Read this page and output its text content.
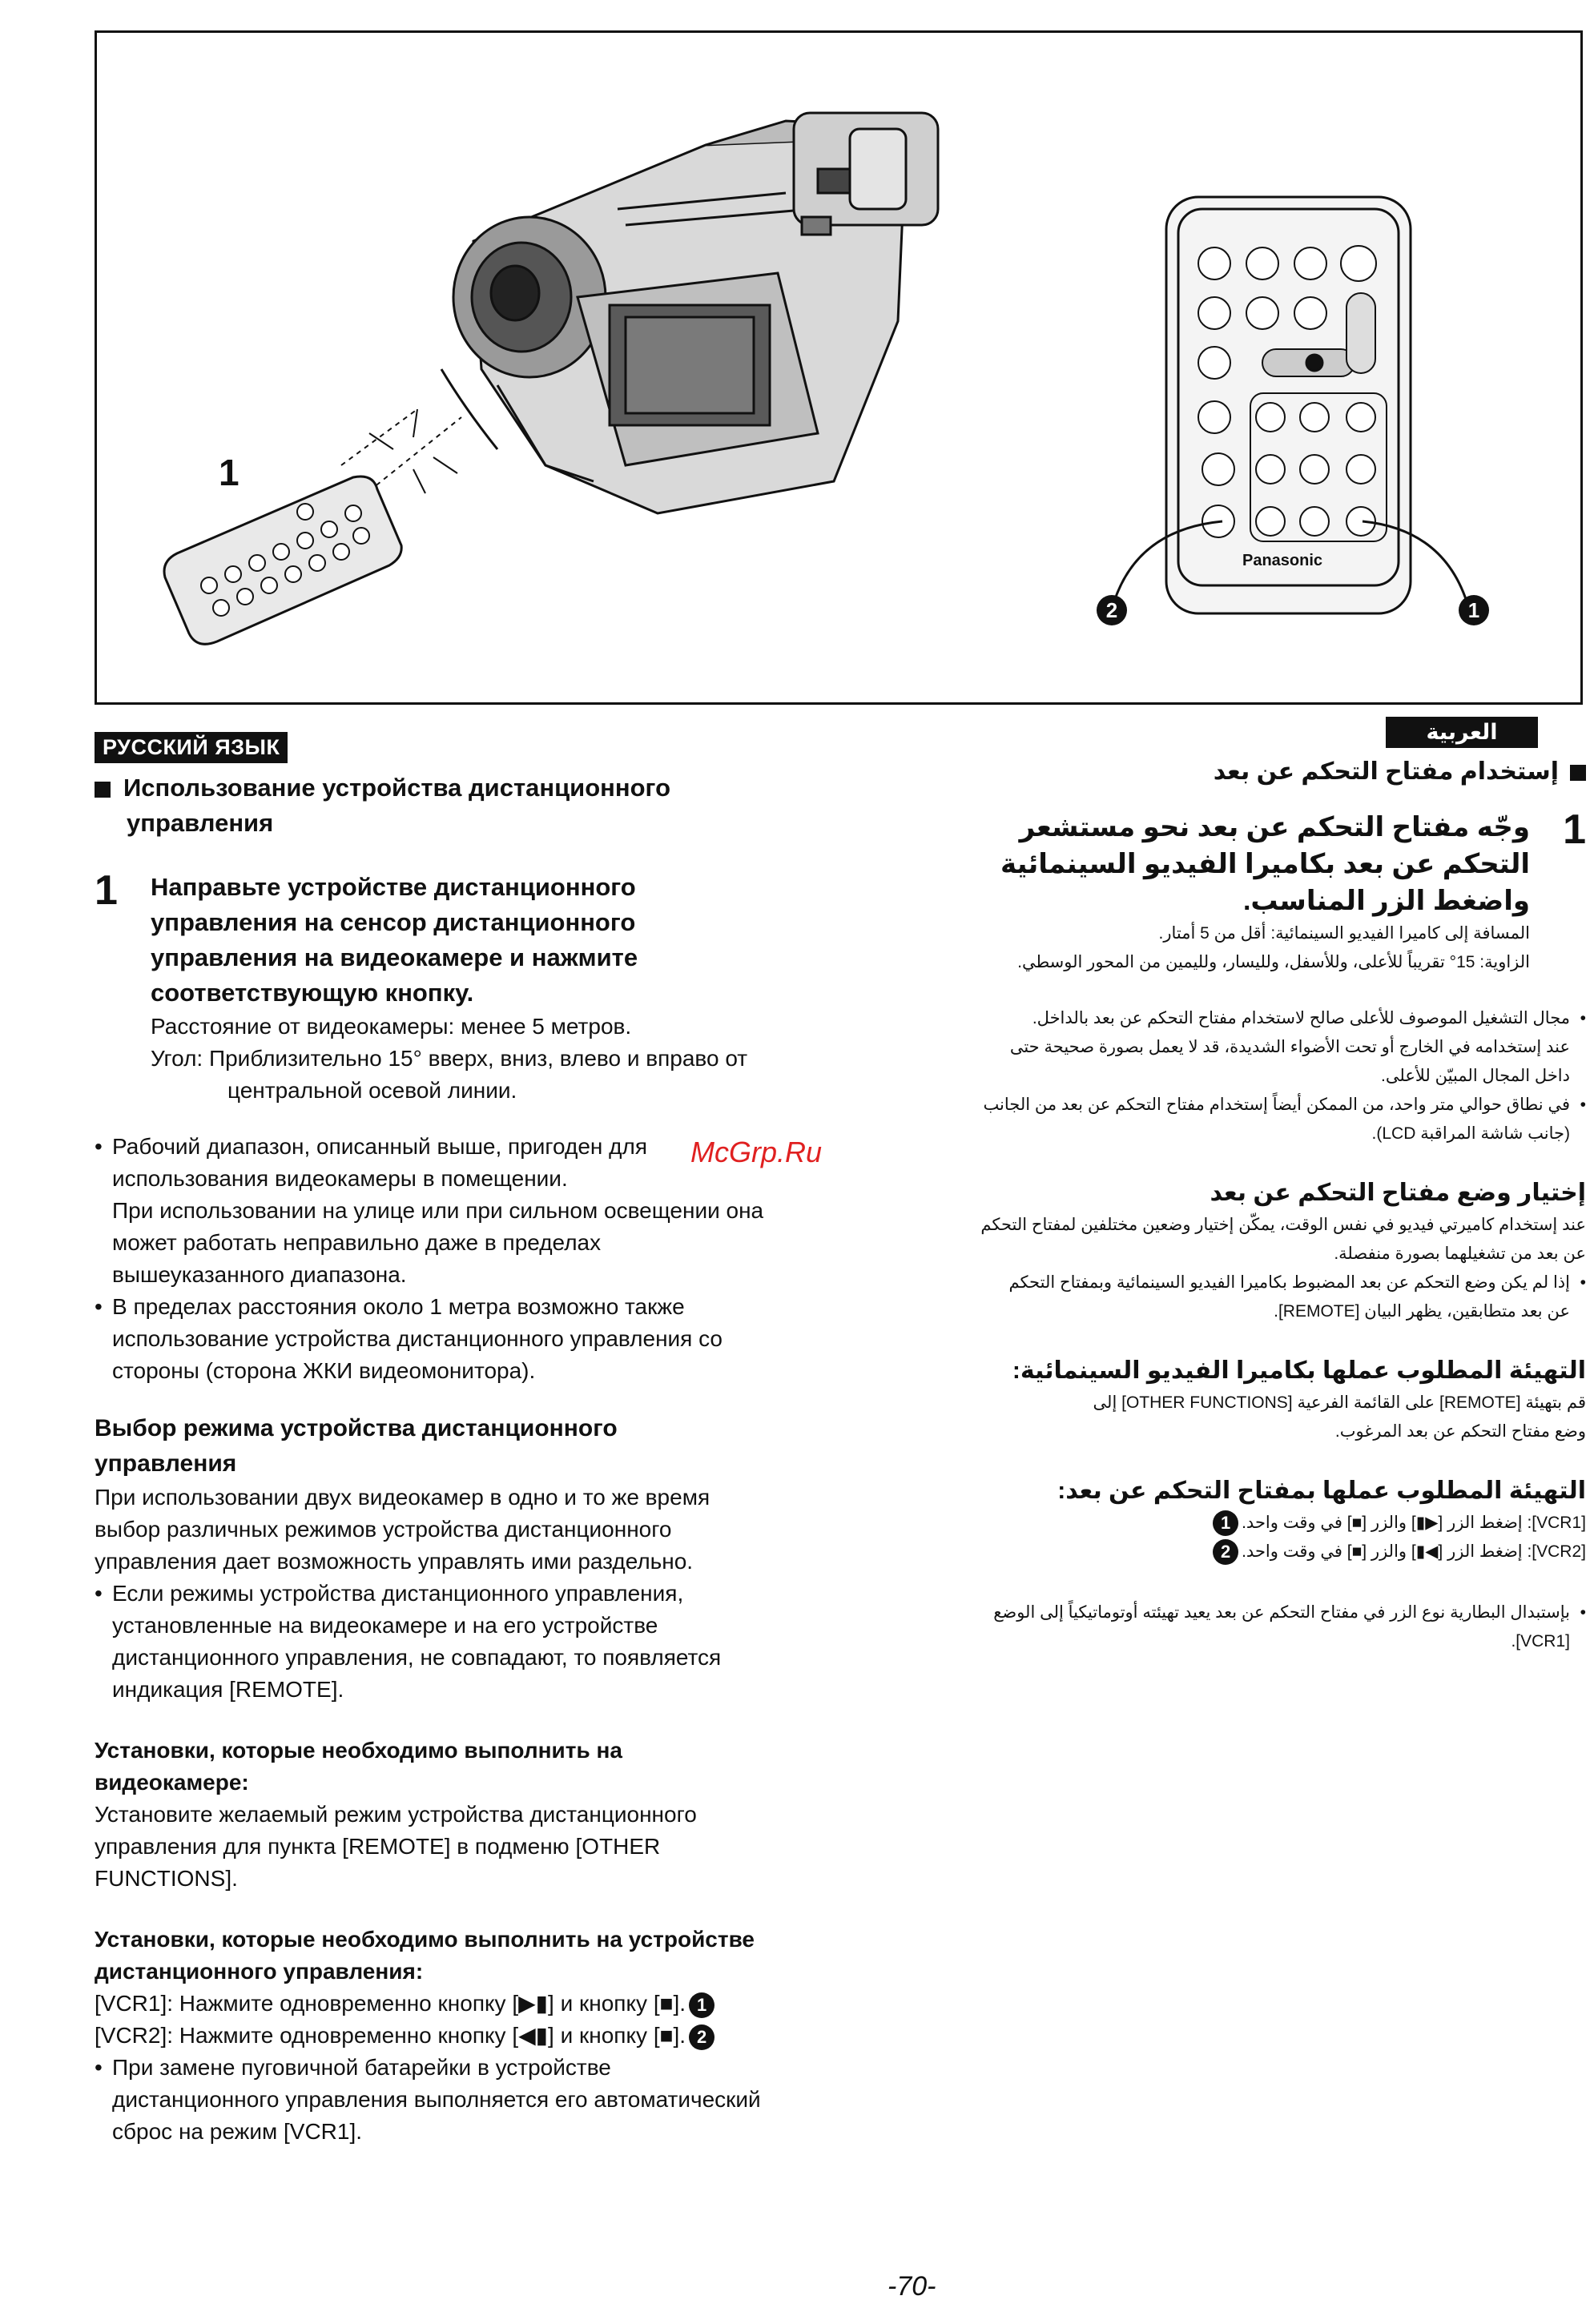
1
2	1
Panasonic
РУССКИЙ ЯЗЫК
العربية
Использование устройства дистанционного
управления
1	Направьте устройстве дистанционного
управления на сенсор дистанционного
управления на видеокамере и нажмите
соответствующую кнопку.
Расстояние от видеокамеры: менее 5 метров.
Угол: Приблизительно 15° вверх, вниз, влево и вправо от
центральной осевой линии.
• Рабочий диапазон, описанный выше, пригоден для
использования видеокамеры в помещении.
При использовании на улице или при сильном освещении она
может работать неправильно даже в пределах
вышеуказанного диапазона.
• В пределах расстояния около 1 метра возможно также
использование устройства дистанционного управления со
стороны (сторона ЖКИ видеомонитора).
Выбор режима устройства дистанционного
управления
При использовании двух видеокамер в одно и то же время
выбор различных режимов устройства дистанционного
управления дает возможность управлять ими раздельно.
• Если режимы устройства дистанционного управления,
установленные на видеокамере и на его устройстве
дистанционного управления, не совпадают, то появляется
индикация [REMOTE].
Установки, которые необходимо выполнить на
видеокамере:
Установите желаемый режим устройства дистанционного
управления для пункта [REMOTE] в подменю [OTHER
FUNCTIONS].
Установки, которые необходимо выполнить на устройстве
дистанционного управления:
[VCR1]: Нажмите одновременно кнопку [▶▮] и кнопку [■]. 1
[VCR2]: Нажмите одновременно кнопку [◀▮] и кнопку [■]. 2
• При замене пуговичной батарейки в устройстве
дистанционного управления выполняется его автоматический
сброс на режим [VCR1].
إستخدام مفتاح التحكم عن بعد
1
وجّه مفتاح التحكم عن بعد نحو مستشعر
التحكم عن بعد بكاميرا الفيديو السينمائية
واضغط الزر المناسب.
المسافة إلى كاميرا الفيديو السينمائية: أقل من 5 أمتار.
الزاوية: 15° تقريباً للأعلى، وللأسفل، ولليسار، ولليمين من المحور الوسطي.
• مجال التشغيل الموصوف للأعلى صالح لاستخدام مفتاح التحكم عن بعد بالداخل.
عند إستخدامه في الخارج أو تحت الأضواء الشديدة، قد لا يعمل بصورة صحيحة حتى
داخل المجال المبيّن للأعلى.
• في نطاق حوالي متر واحد، من الممكن أيضاً إستخدام مفتاح التحكم عن بعد من الجانب
(جانب شاشة المراقبة LCD).
إختيار وضع مفتاح التحكم عن بعد
عند إستخدام كاميرتي فيديو في نفس الوقت، يمكّن إختيار وضعين مختلفين لمفتاح التحكم
عن بعد من تشغيلهما بصورة منفصلة.
• إذا لم يكن وضع التحكم عن بعد المضبوط بكاميرا الفيديو السينمائية وبمفتاح التحكم
عن بعد متطابقين، يظهر البيان [REMOTE].
التهيئة المطلوب عملها بكاميرا الفيديو السينمائية:
قم بتهيئة [REMOTE] على القائمة الفرعية [OTHER FUNCTIONS] إلى
وضع مفتاح التحكم عن بعد المرغوب.
التهيئة المطلوب عملها بمفتاح التحكم عن بعد:
[VCR1]: إضغط الزر [▶▮] والزر [■] في وقت واحد.1
[VCR2]: إضغط الزر [◀▮] والزر [■] في وقت واحد.2
• بإستبدال البطارية نوع الزر في مفتاح التحكم عن بعد يعيد تهيئته أوتوماتيكياً إلى الوضع
[VCR1].
McGrp.Ru
-70-
